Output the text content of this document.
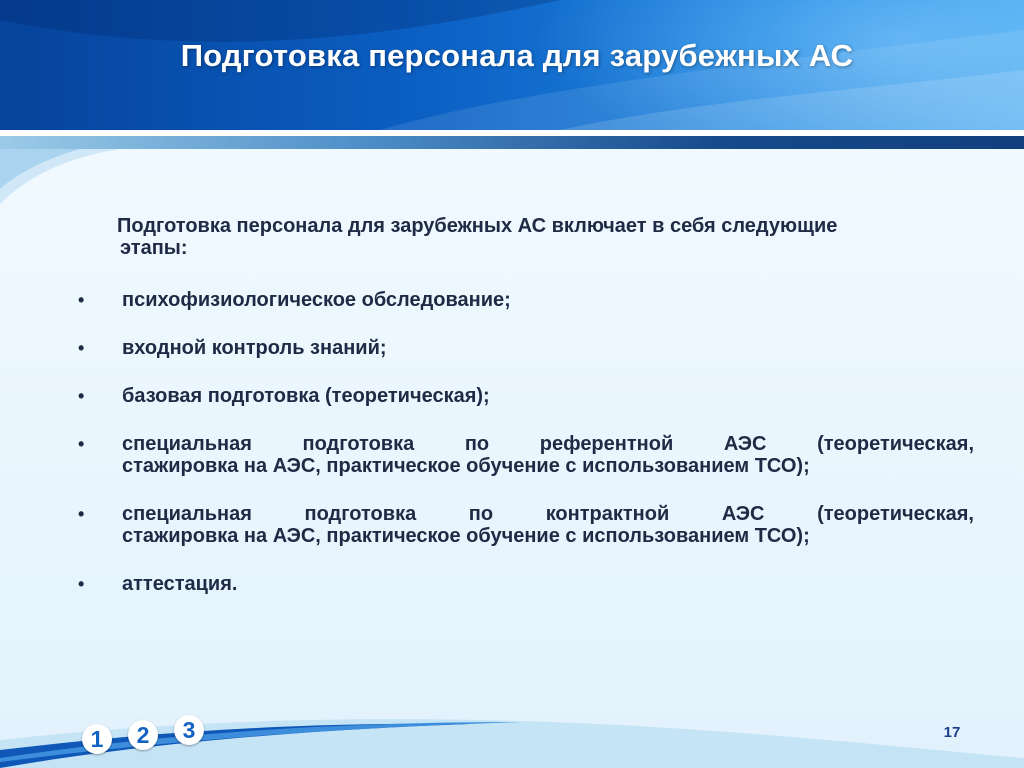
Подготовка персонала для зарубежных АС

Подготовка персонала для зарубежных АС включает в себя следующие
этапы:

•	психофизиологическое обследование;
•	входной контроль знаний;
•	базовая подготовка (теоретическая);
•	специальная подготовка по референтной АЭС (теоретическая,
стажировка на АЭС, практическое обучение с использованием ТСО);
•	специальная подготовка по контрактной АЭС (теоретическая,
стажировка на АЭС, практическое обучение с использованием ТСО);
•	аттестация.
1	2	3	17
